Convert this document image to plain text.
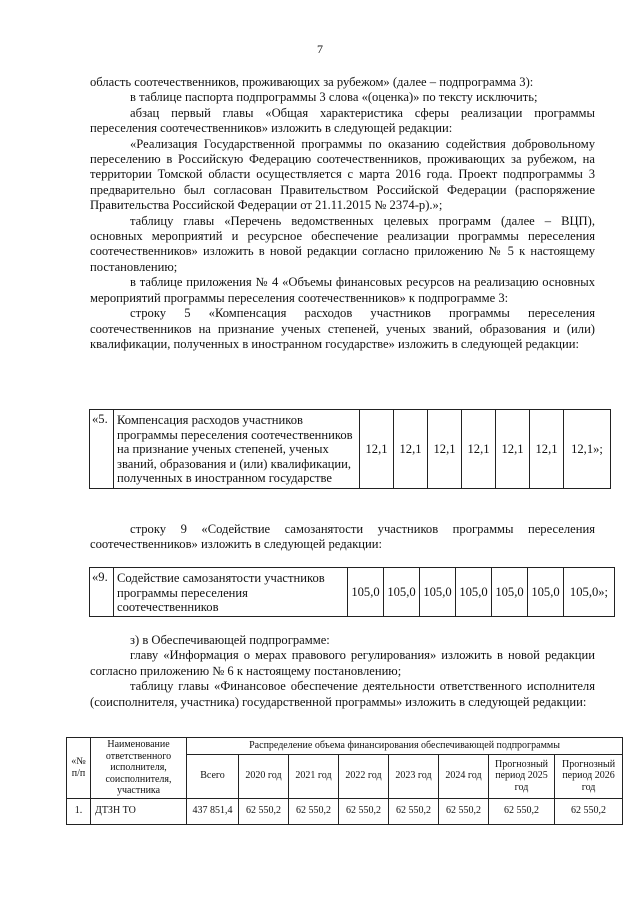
7

область соотечественников, проживающих за рубежом» (далее – подпрограмма 3):

в таблице паспорта подпрограммы 3 слова «(оценка)» по тексту исключить;

абзац первый главы «Общая характеристика сферы реализации программы переселения соотечественников» изложить в следующей редакции:

«Реализация Государственной программы по оказанию содействия добровольному переселению в Российскую Федерацию соотечественников, проживающих за рубежом, на территории Томской области осуществляется с марта 2016 года. Проект подпрограммы 3 предварительно был согласован Правительством Российской Федерации (распоряжение Правительства Российской Федерации от 21.11.2015 № 2374-р).»;

таблицу главы «Перечень ведомственных целевых программ (далее – ВЦП), основных мероприятий и ресурсное обеспечение реализации программы переселения соотечественников» изложить в новой редакции согласно приложению № 5 к настоящему постановлению;

в таблице приложения № 4 «Объемы финансовых ресурсов на реализацию основных мероприятий программы переселения соотечественников» к подпрограмме 3:

строку 5 «Компенсация расходов участников программы переселения соотечественников на признание ученых степеней, ученых званий, образования и (или) квалификации, полученных в иностранном государстве» изложить в следующей редакции:

«5.	Компенсация расходов участников программы переселения соотечественников на признание ученых степеней, ученых званий, образования и (или) квалификации, полученных в иностранном государстве	12,1	12,1	12,1	12,1	12,1	12,1	12,1»;

строку 9 «Содействие самозанятости участников программы переселения соотечественников» изложить в следующей редакции:

«9.	Содействие самозанятости участников программы переселения соотечественников	105,0	105,0	105,0	105,0	105,0	105,0	105,0»;

з) в Обеспечивающей подпрограмме:

главу «Информация о мерах правового регулирования» изложить в новой редакции согласно приложению № 6 к настоящему постановлению;

таблицу главы «Финансовое обеспечение деятельности ответственного исполнителя (соисполнителя, участника) государственной программы» изложить в следующей редакции:

«№ п/п	Наименование ответственного исполнителя, соисполнителя, участника	Распределение объема финансирования обеспечивающей подпрограммы							
		Всего	2020 год	2021 год	2022 год	2023 год	2024 год	Прогнозный период 2025 год	Прогнозный период 2026 год
1.	ДТЗН ТО	437 851,4	62 550,2	62 550,2	62 550,2	62 550,2	62 550,2	62 550,2	62 550,2
